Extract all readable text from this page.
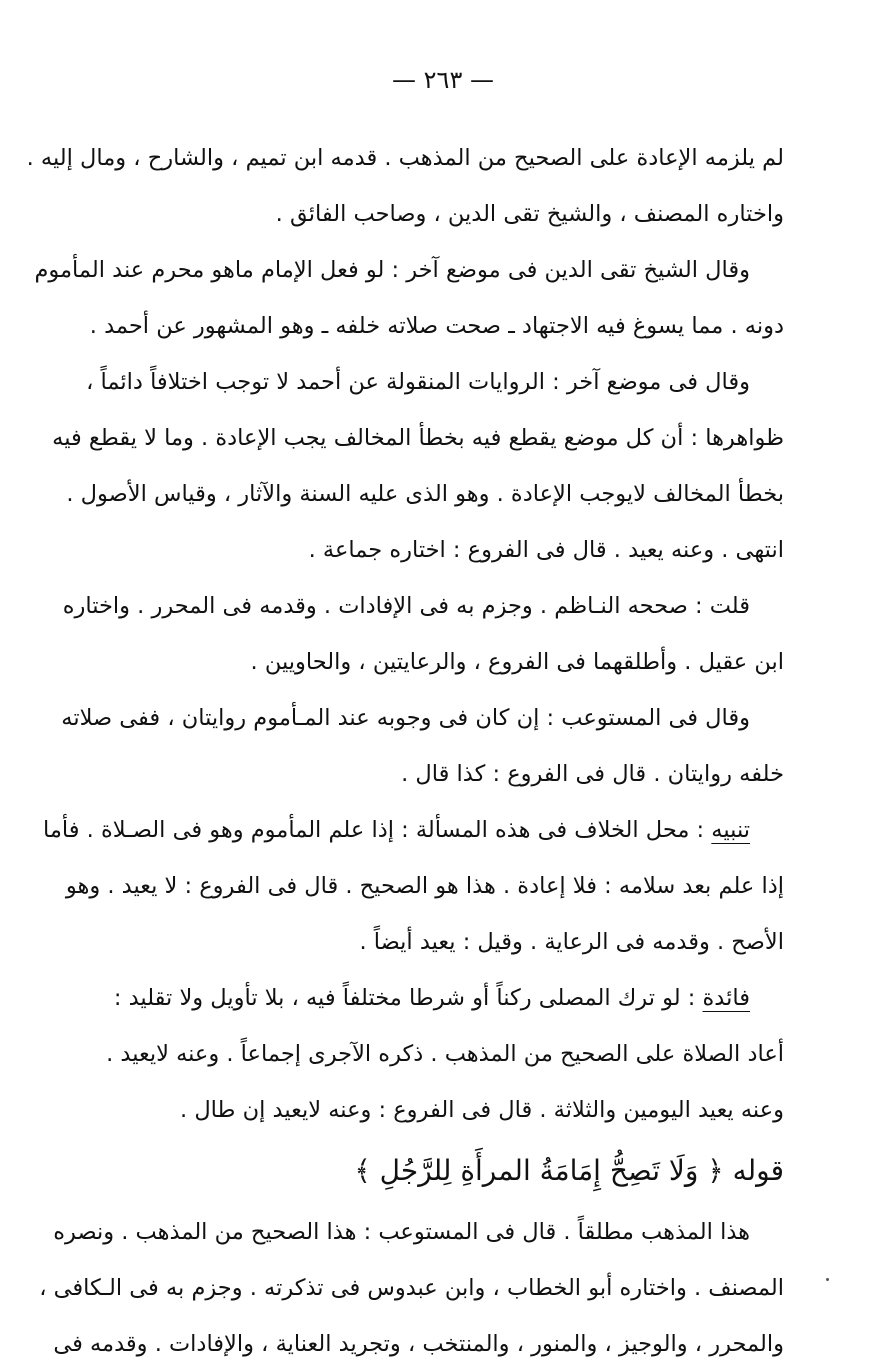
— ٢٦٣ —
لم يلزمه الإعادة على الصحيح من المذهب . قدمه ابن تميم ، والشارح ، ومال إليه .
واختاره المصنف ، والشيخ تقى الدين ، وصاحب الفائق .
وقال الشيخ تقى الدين فى موضع آخر : لو فعل الإمام ماهو محرم عند المأموم
دونه . مما يسوغ فيه الاجتهاد ـ صحت صلاته خلفه ـ وهو المشهور عن أحمد .
وقال فى موضع آخر : الروايات المنقولة عن أحمد لا توجب اختلافاً دائماً ،
ظواهرها : أن كل موضع يقطع فيه بخطأ المخالف يجب الإعادة . وما لا يقطع فيه
بخطأ المخالف لايوجب الإعادة . وهو الذى عليه السنة والآثار ، وقياس الأصول .
انتهى . وعنه يعيد . قال فى الفروع : اختاره جماعة .
قلت : صححه النـاظم . وجزم به فى الإفادات . وقدمه فى المحرر . واختاره
ابن عقيل . وأطلقهما فى الفروع ، والرعايتين ، والحاويين .
وقال فى المستوعب : إن كان فى وجوبه عند المـأموم روايتان ، ففى صلاته
خلفه روايتان . قال فى الفروع : كذا قال .
تنبيه : محل الخلاف فى هذه المسألة : إذا علم المأموم وهو فى الصـلاة . فأما
إذا علم بعد سلامه : فلا إعادة . هذا هو الصحيح . قال فى الفروع : لا يعيد . وهو
الأصح . وقدمه فى الرعاية . وقيل : يعيد أيضاً .
فائدة : لو ترك المصلى ركناً أو شرطا مختلفاً فيه ، بلا تأويل ولا تقليد :
أعاد الصلاة على الصحيح من المذهب . ذكره الآجرى إجماعاً . وعنه لايعيد .
وعنه يعيد اليومين والثلاثة . قال فى الفروع : وعنه لايعيد إن طال .
قوله ﴿ وَلَا تَصِحُّ إِمَامَةُ المرأَةِ لِلرَّجُلِ ﴾
هذا المذهب مطلقاً . قال فى المستوعب : هذا الصحيح من المذهب . ونصره
المصنف . واختاره أبو الخطاب ، وابن عبدوس فى تذكرته . وجزم به فى الـكافى ،
والمحرر ، والوجيز ، والمنور ، والمنتخب ، وتجريد العناية ، والإفادات . وقدمه فى
